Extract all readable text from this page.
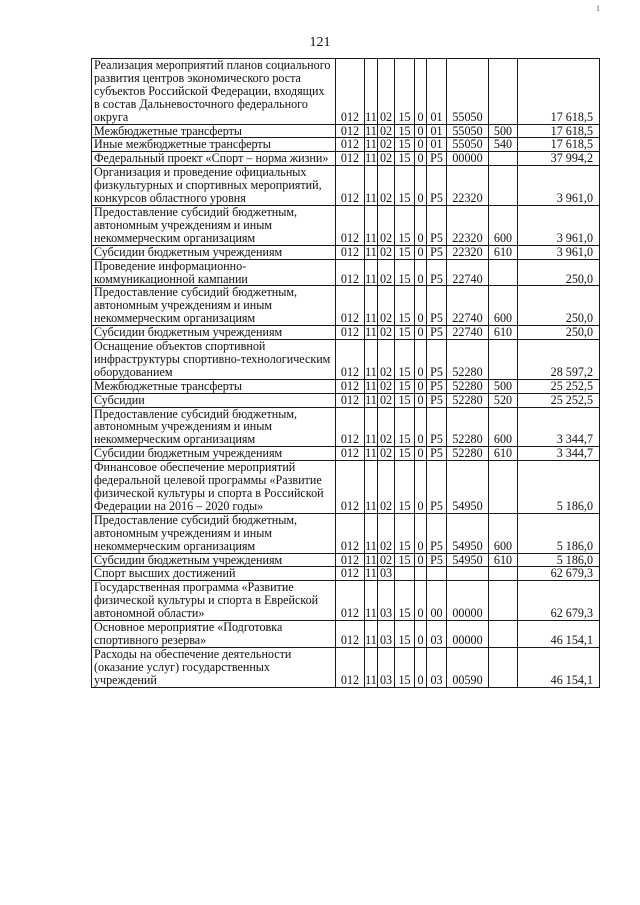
1
121
Реализация мероприятий планов социального развития центров экономического роста субъектов Российской Федерации, входящих в состав Дальневосточного федерального округа	012	11	02	15	0	01	55050		17 618,5
Межбюджетные трансферты	012	11	02	15	0	01	55050	500	17 618,5
Иные межбюджетные трансферты	012	11	02	15	0	01	55050	540	17 618,5
Федеральный проект «Спорт – норма жизни»	012	11	02	15	0	P5	00000		37 994,2
Организация и проведение официальных физкультурных и спортивных мероприятий, конкурсов областного уровня	012	11	02	15	0	P5	22320		3 961,0
Предоставление субсидий бюджетным, автономным учреждениям и иным некоммерческим организациям	012	11	02	15	0	P5	22320	600	3 961,0
Субсидии бюджетным учреждениям	012	11	02	15	0	P5	22320	610	3 961,0
Проведение информационно-коммуникационной кампании	012	11	02	15	0	P5	22740		250,0
Предоставление субсидий бюджетным, автономным учреждениям и иным некоммерческим организациям	012	11	02	15	0	P5	22740	600	250,0
Субсидии бюджетным учреждениям	012	11	02	15	0	P5	22740	610	250,0
Оснащение объектов спортивной инфраструктуры спортивно-технологическим оборудованием	012	11	02	15	0	P5	52280		28 597,2
Межбюджетные трансферты	012	11	02	15	0	P5	52280	500	25 252,5
Субсидии	012	11	02	15	0	P5	52280	520	25 252,5
Предоставление субсидий бюджетным, автономным учреждениям и иным некоммерческим организациям	012	11	02	15	0	P5	52280	600	3 344,7
Субсидии бюджетным учреждениям	012	11	02	15	0	P5	52280	610	3 344,7
Финансовое обеспечение мероприятий федеральной целевой программы «Развитие физической культуры и спорта в Российской Федерации на 2016 – 2020 годы»	012	11	02	15	0	P5	54950		5 186,0
Предоставление субсидий бюджетным, автономным учреждениям и иным некоммерческим организациям	012	11	02	15	0	P5	54950	600	5 186,0
Субсидии бюджетным учреждениям	012	11	02	15	0	P5	54950	610	5 186,0
Спорт высших достижений	012	11	03						62 679,3
Государственная программа «Развитие физической культуры и спорта в Еврейской автономной области»	012	11	03	15	0	00	00000		62 679,3
Основное мероприятие «Подготовка спортивного резерва»	012	11	03	15	0	03	00000		46 154,1
Расходы на обеспечение деятельности (оказание услуг) государственных учреждений	012	11	03	15	0	03	00590		46 154,1
